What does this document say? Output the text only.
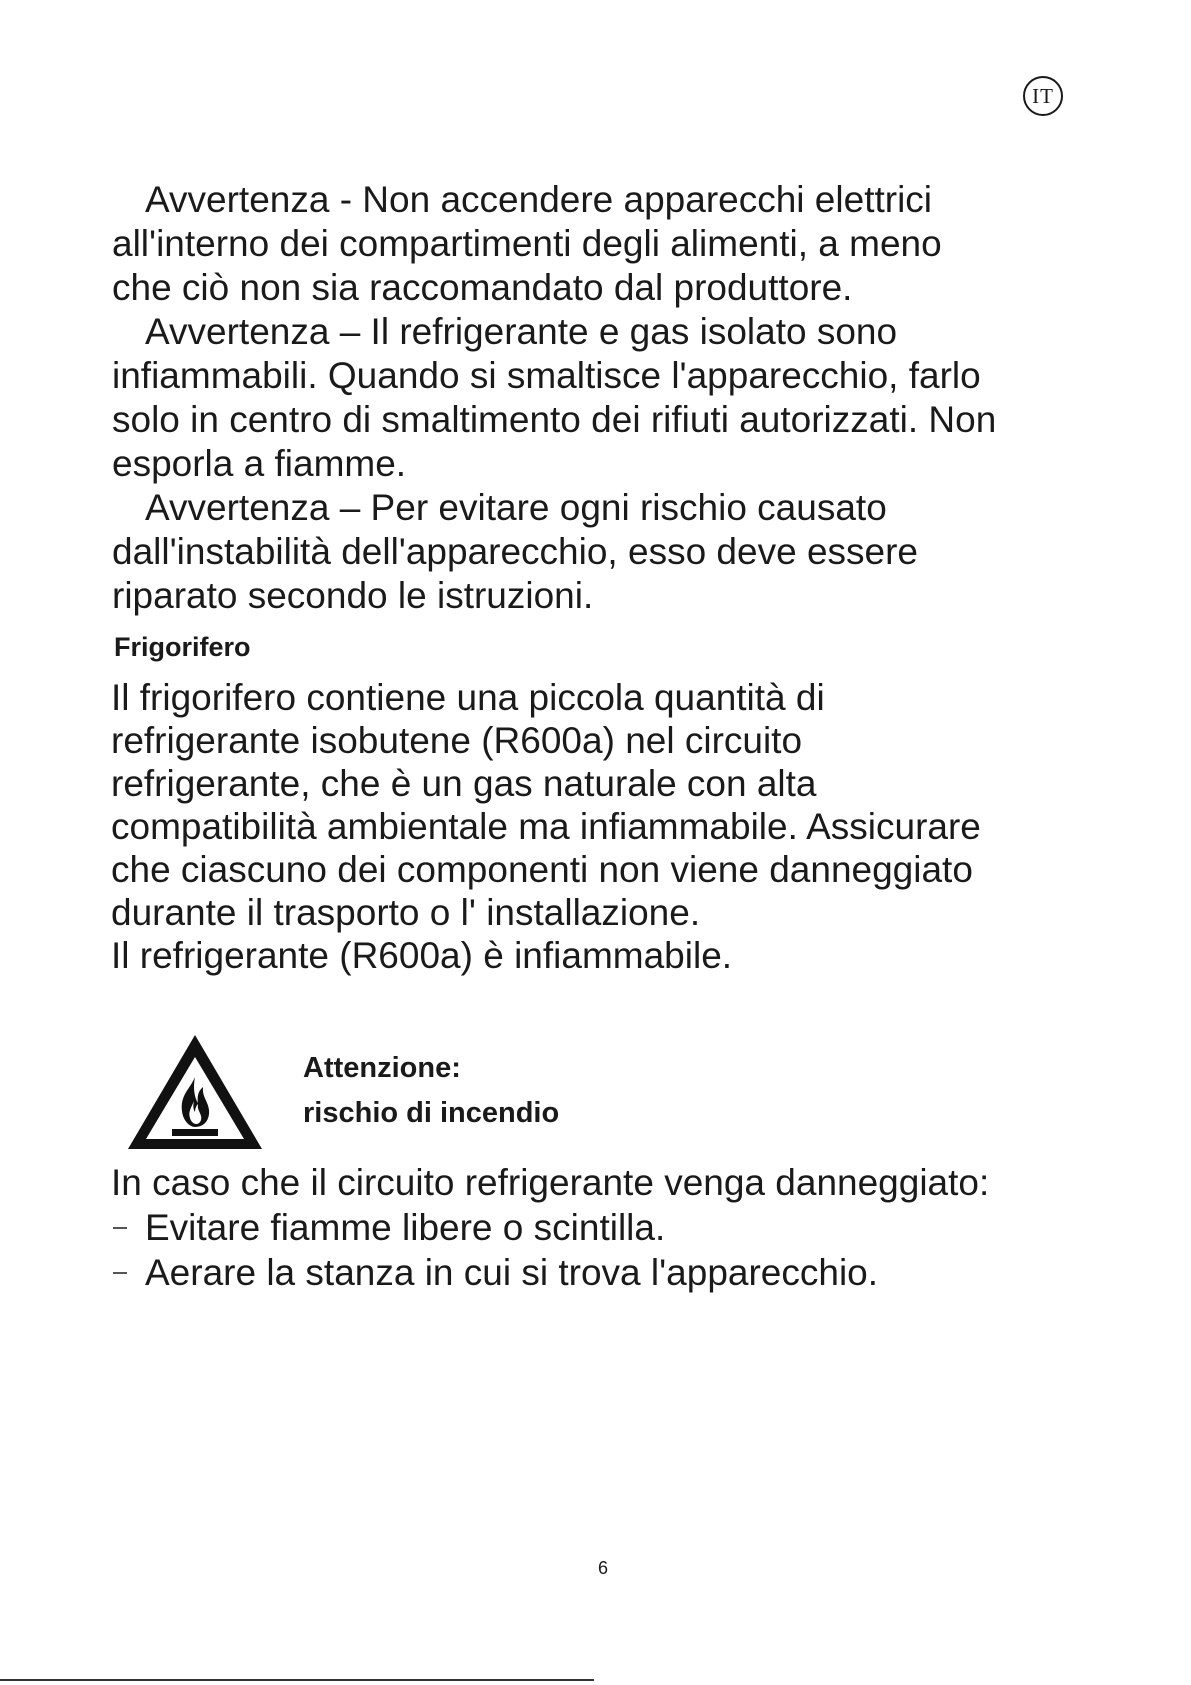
IT

Avvertenza - Non accendere apparecchi elettrici

all'interno dei compartimenti degli alimenti, a meno

che ciò non sia raccomandato dal produttore.

Avvertenza – Il refrigerante e gas isolato sono

infiammabili. Quando si smaltisce l'apparecchio, farlo

solo in centro di smaltimento dei rifiuti autorizzati. Non

esporla a fiamme.

Avvertenza – Per evitare ogni rischio causato

dall'instabilità dell'apparecchio, esso deve essere

riparato secondo le istruzioni.

Frigorifero

Il frigorifero contiene una piccola quantità di

refrigerante isobutene (R600a) nel circuito

refrigerante, che è un gas naturale con alta

compatibilità ambientale ma infiammabile. Assicurare

che ciascuno dei componenti non viene danneggiato

durante il trasporto o l' installazione.

Il refrigerante (R600a) è infiammabile.

Attenzione:

rischio di incendio

In caso che il circuito refrigerante venga danneggiato:

Evitare fiamme libere o scintilla.
Aerare la stanza in cui si trova l'apparecchio.
6
